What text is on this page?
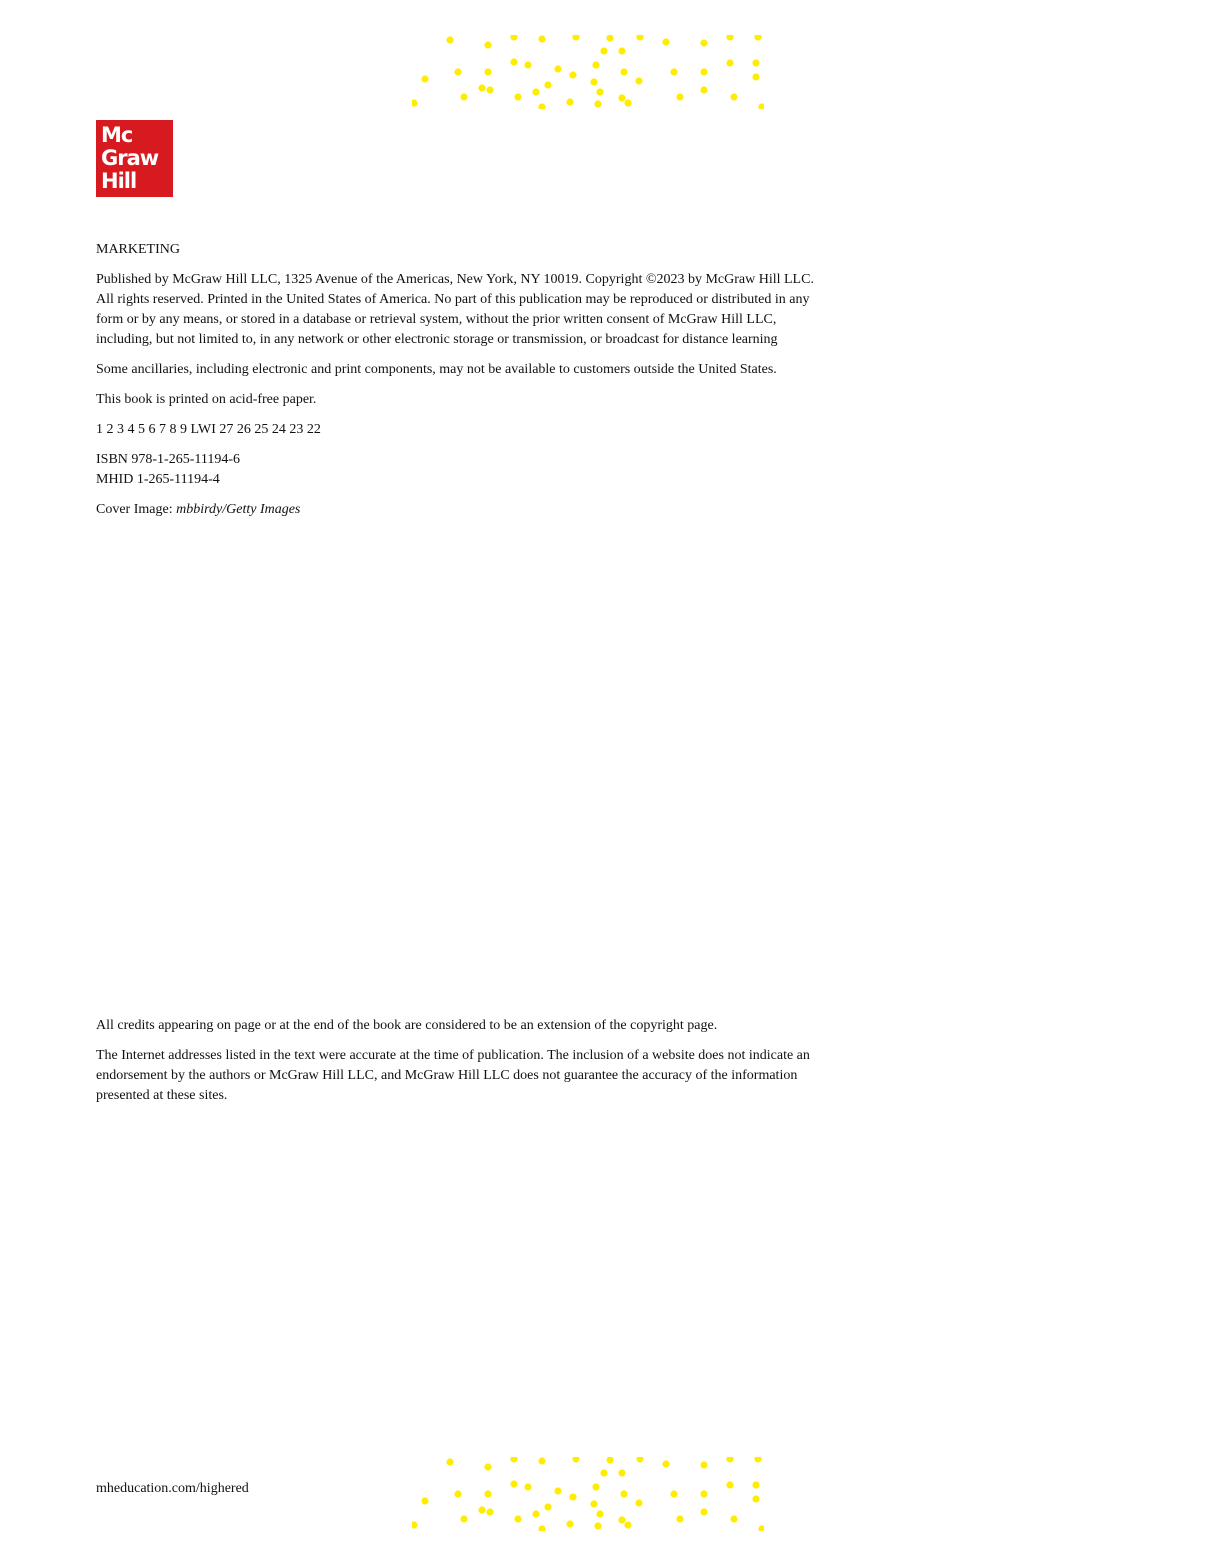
Mc
Graw
Hill

MARKETING

Published by McGraw Hill LLC, 1325 Avenue of the Americas, New York, NY 10019. Copyright ©2023 by McGraw Hill LLC. All rights reserved. Printed in the United States of America. No part of this publication may be reproduced or distributed in any form or by any means, or stored in a database or retrieval system, without the prior written consent of McGraw Hill LLC, including, but not limited to, in any network or other electronic storage or transmission, or broadcast for distance learning

Some ancillaries, including electronic and print components, may not be available to customers outside the United States.

This book is printed on acid-free paper.

1 2 3 4 5 6 7 8 9 LWI 27 26 25 24 23 22

ISBN 978-1-265-11194-6
MHID 1-265-11194-4

Cover Image: mbbirdy/Getty Images

All credits appearing on page or at the end of the book are considered to be an extension of the copyright page.

The Internet addresses listed in the text were accurate at the time of publication. The inclusion of a website does not indicate an endorsement by the authors or McGraw Hill LLC, and McGraw Hill LLC does not guarantee the accuracy of the information presented at these sites.

mheducation.com/highered
